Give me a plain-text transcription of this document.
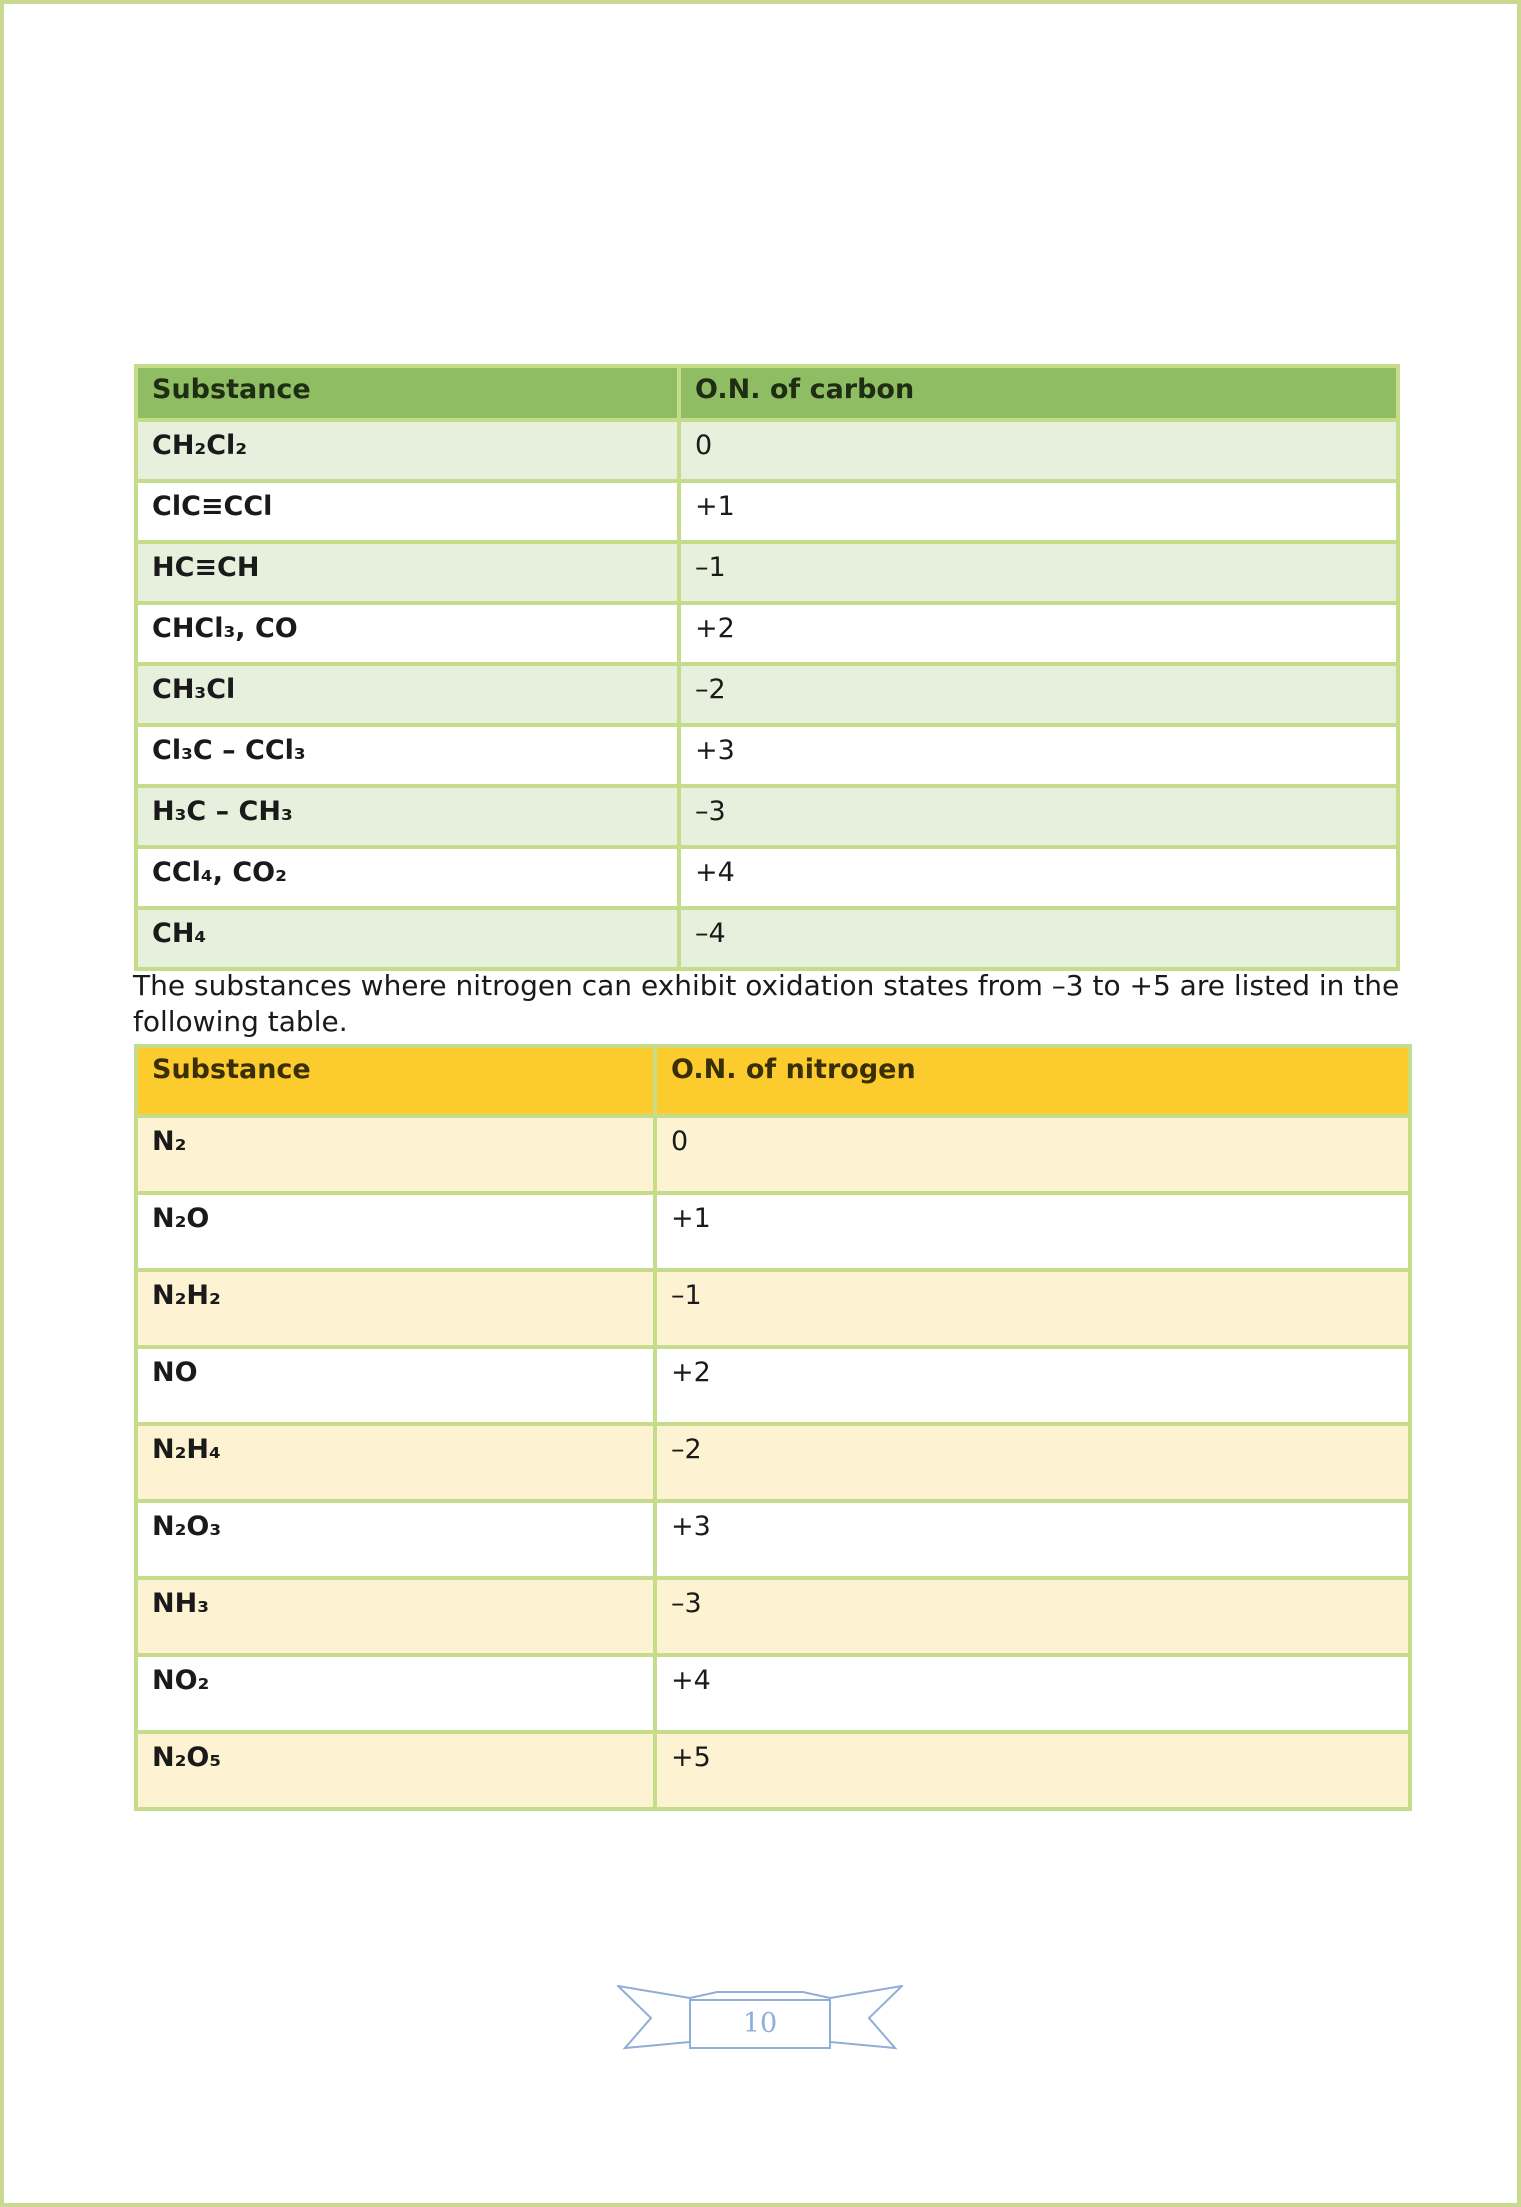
Substance	O.N. of carbon
CH₂Cl₂	0
ClC≡CCl	+1
HC≡CH	–1
CHCl₃, CO	+2
CH₃Cl	–2
Cl₃C – CCl₃	+3
H₃C – CH₃	–3
CCl₄, CO₂	+4
CH₄	–4
The substances where nitrogen can exhibit oxidation states from –3 to +5 are listed in the following table.
Substance	O.N. of nitrogen
N₂	0
N₂O	+1
N₂H₂	–1
NO	+2
N₂H₄	–2
N₂O₃	+3
NH₃	–3
NO₂	+4
N₂O₅	+5
10
